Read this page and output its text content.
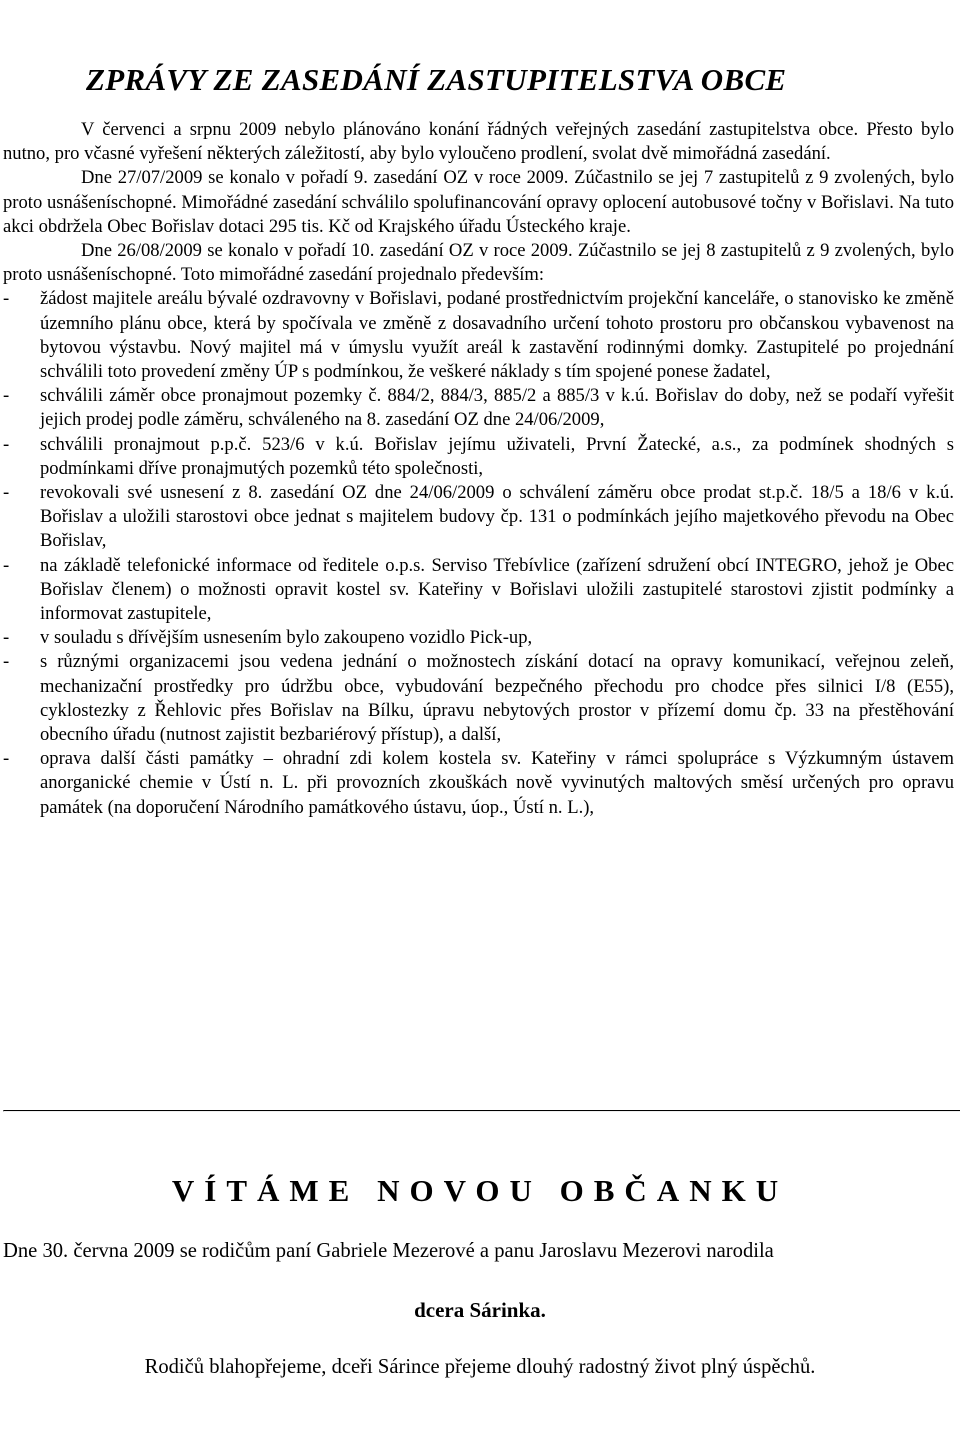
ZPRÁVY ZE ZASEDÁNÍ ZASTUPITELSTVA OBCE

V červenci a srpnu 2009 nebylo plánováno konání řádných veřejných zasedání zastupitelstva obce. Přesto bylo nutno, pro včasné vyřešení některých záležitostí, aby bylo vyloučeno prodlení, svolat dvě mimořádná zasedání.

Dne 27/07/2009 se konalo v pořadí 9. zasedání OZ v roce 2009. Zúčastnilo se jej 7 zastupitelů z 9 zvolených, bylo proto usnášeníschopné. Mimořádné zasedání schválilo spolufinancování opravy oplocení autobusové točny v Bořislavi. Na tuto akci obdržela Obec Bořislav dotaci 295 tis. Kč od Krajského úřadu Ústeckého kraje.

Dne 26/08/2009 se konalo v pořadí 10. zasedání OZ v roce 2009. Zúčastnilo se jej 8 zastupitelů z 9 zvolených, bylo proto usnášeníschopné. Toto mimořádné zasedání projednalo především:

- žádost majitele areálu bývalé ozdravovny v Bořislavi, podané prostřednictvím projekční kanceláře, o stanovisko ke změně územního plánu obce, která by spočívala ve změně z dosavadního určení tohoto prostoru pro občanskou vybavenost na bytovou výstavbu. Nový majitel má v úmyslu využít areál k zastavění rodinnými domky. Zastupitelé po projednání schválili toto provedení změny ÚP s podmínkou, že veškeré náklady s tím spojené ponese žadatel,
- schválili záměr obce pronajmout pozemky č. 884/2, 884/3, 885/2 a 885/3 v k.ú. Bořislav do doby, než se podaří vyřešit jejich prodej podle záměru, schváleného na 8. zasedání OZ dne 24/06/2009,
- schválili pronajmout p.p.č. 523/6 v k.ú. Bořislav jejímu uživateli, První Žatecké, a.s., za podmínek shodných s podmínkami dříve pronajmutých pozemků této společnosti,
- revokovali své usnesení z 8. zasedání OZ dne 24/06/2009 o schválení záměru obce prodat st.p.č. 18/5 a 18/6 v k.ú. Bořislav a uložili starostovi obce jednat s majitelem budovy čp. 131 o podmínkách jejího majetkového převodu na Obec Bořislav,
- na základě telefonické informace od ředitele o.p.s. Serviso Třebívlice (zařízení sdružení obcí INTEGRO, jehož je Obec Bořislav členem) o možnosti opravit kostel sv. Kateřiny v Bořislavi uložili zastupitelé starostovi zjistit podmínky a informovat zastupitele,
- v souladu s dřívějším usnesením bylo zakoupeno vozidlo Pick-up,
- s různými organizacemi jsou vedena jednání o možnostech získání dotací na opravy komunikací, veřejnou zeleň, mechanizační prostředky pro údržbu obce, vybudování bezpečného přechodu pro chodce přes silnici I/8 (E55), cyklostezky z Řehlovic přes Bořislav na Bílku, úpravu nebytových prostor v přízemí domu čp. 33 na přestěhování obecního úřadu (nutnost zajistit bezbariérový přístup), a další,
- oprava další části památky – ohradní zdi kolem kostela sv. Kateřiny v rámci spolupráce s Výzkumným ústavem anorganické chemie v Ústí n. L. při provozních zkouškách nově vyvinutých maltových směsí určených pro opravu památek (na doporučení Národního památkového ústavu, úop., Ústí n. L.),
VÍTÁME NOVOU OBČANKU

Dne 30. června 2009 se rodičům paní Gabriele Mezerové a panu Jaroslavu Mezerovi narodila

dcera Sárinka.

Rodičů blahopřejeme, dceři Sárince přejeme dlouhý radostný život plný úspěchů.
